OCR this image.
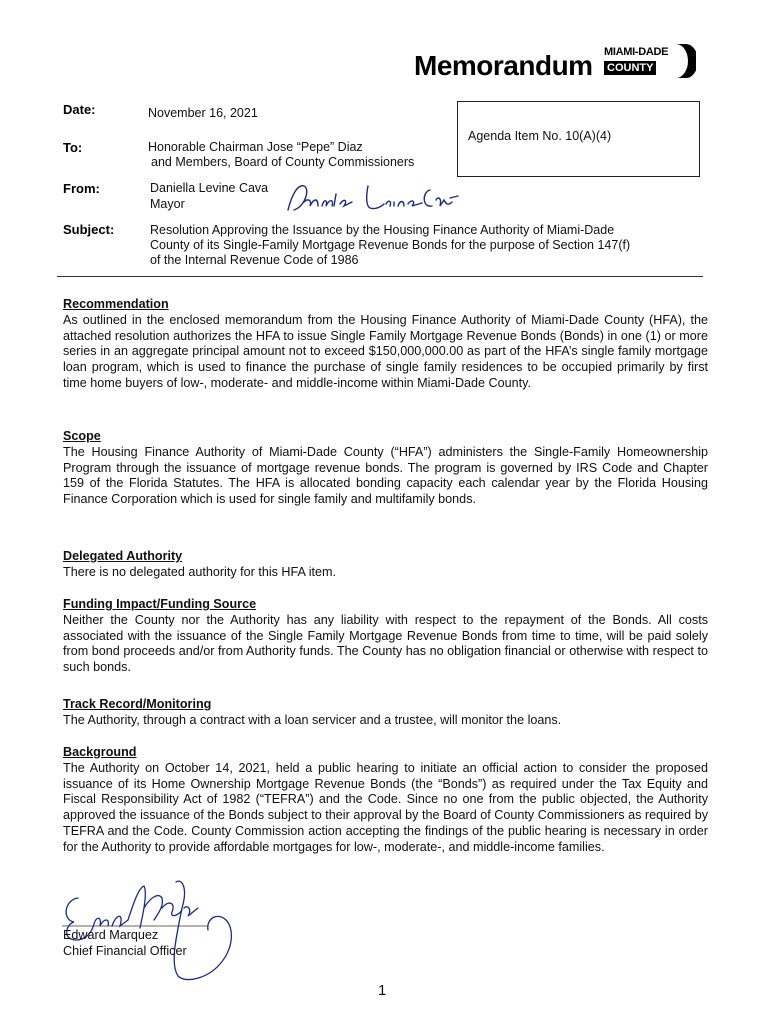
Memorandum MIAMI-DADE
COUNTY
Date:	November 16, 2021
To:	Honorable Chairman Jose “Pepe” Diaz
and Members, Board of County Commissioners
From:	Daniella Levine Cava
Mayor
Subject:	Resolution Approving the Issuance by the Housing Finance Authority of Miami-Dade
County of its Single-Family Mortgage Revenue Bonds for the purpose of Section 147(f)
of the Internal Revenue Code of 1986
Agenda Item No. 10(A)(4)
Recommendation

As outlined in the enclosed memorandum from the Housing Finance Authority of Miami-Dade County (HFA), the attached resolution authorizes the HFA to issue Single Family Mortgage Revenue Bonds (Bonds) in one (1) or more series in an aggregate principal amount not to exceed $150,000,000.00 as part of the HFA’s single family mortgage loan program, which is used to finance the purchase of single family residences to be occupied primarily by first time home buyers of low-, moderate- and middle-income within Miami-Dade County.

Scope

The Housing Finance Authority of Miami-Dade County (“HFA”) administers the Single-Family Homeownership Program through the issuance of mortgage revenue bonds. The program is governed by IRS Code and Chapter 159 of the Florida Statutes. The HFA is allocated bonding capacity each calendar year by the Florida Housing Finance Corporation which is used for single family and multifamily bonds.

Delegated Authority

There is no delegated authority for this HFA item.

Funding Impact/Funding Source

Neither the County nor the Authority has any liability with respect to the repayment of the Bonds. All costs associated with the issuance of the Single Family Mortgage Revenue Bonds from time to time, will be paid solely from bond proceeds and/or from Authority funds. The County has no obligation financial or otherwise with respect to such bonds.

Track Record/Monitoring

The Authority, through a contract with a loan servicer and a trustee, will monitor the loans.

Background

The Authority on October 14, 2021, held a public hearing to initiate an official action to consider the proposed issuance of its Home Ownership Mortgage Revenue Bonds (the “Bonds”) as required under the Tax Equity and Fiscal Responsibility Act of 1982 (“TEFRA”) and the Code. Since no one from the public objected, the Authority approved the issuance of the Bonds subject to their approval by the Board of County Commissioners as required by TEFRA and the Code. County Commission action accepting the findings of the public hearing is necessary in order for the Authority to provide affordable mortgages for low-, moderate-, and middle-income families.

Edward Marquez
Chief Financial Officer
1
